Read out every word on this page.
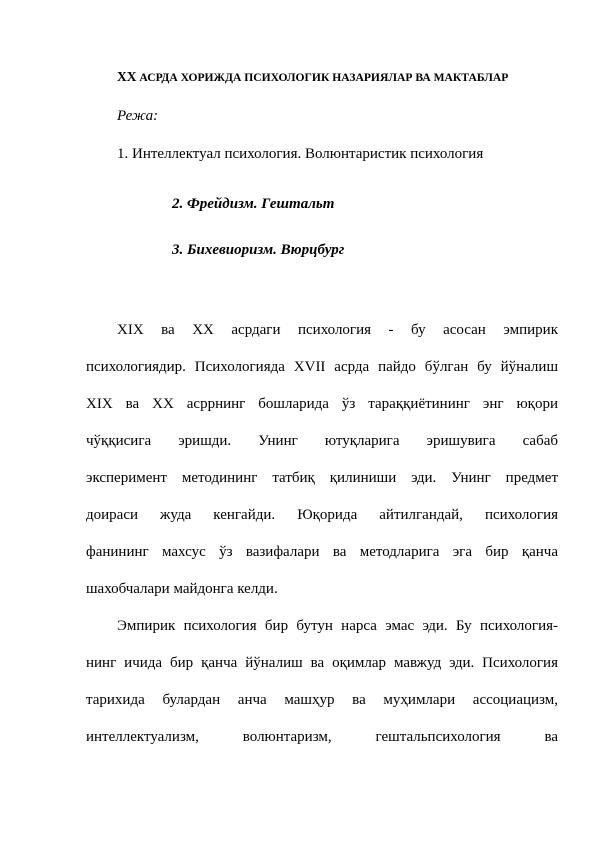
ХХ АСРДА ХОРИЖДА ПСИХОЛОГИК НАЗАРИЯЛАР ВА МАКТАБЛАР
Режа:
1. Интеллектуал психология. Волюнтаристик психология
2. Фрейдизм. Гештальт
3. Бихевиоризм. Вюрцбург
XIX ва XX асрдаги психология - бу асосан эмпирик
психологиядир. Психологияда XVII асрда пайдо бўлган бу йўналиш
XIX ва XX асррнинг бошларида ўз тараққиётининг энг юқори
чўққисига эришди. Унинг ютуқларига эришувига сабаб
эксперимент методининг татбиқ қилиниши эди. Унинг предмет
доираси жуда кенгайди. Юқорида айтилгандай, психология
фанининг махсус ўз вазифалари ва методларига эга бир қанча
шахобчалари майдонга келди.
Эмпирик психология бир бутун нарса эмас эди. Бу психология-
нинг ичида бир қанча йўналиш ва оқимлар мавжуд эди. Психология
тарихида булардан анча машҳур ва муҳимлари ассоциацизм,
интеллектуализм, волюнтаризм, гештальпсихология ва
